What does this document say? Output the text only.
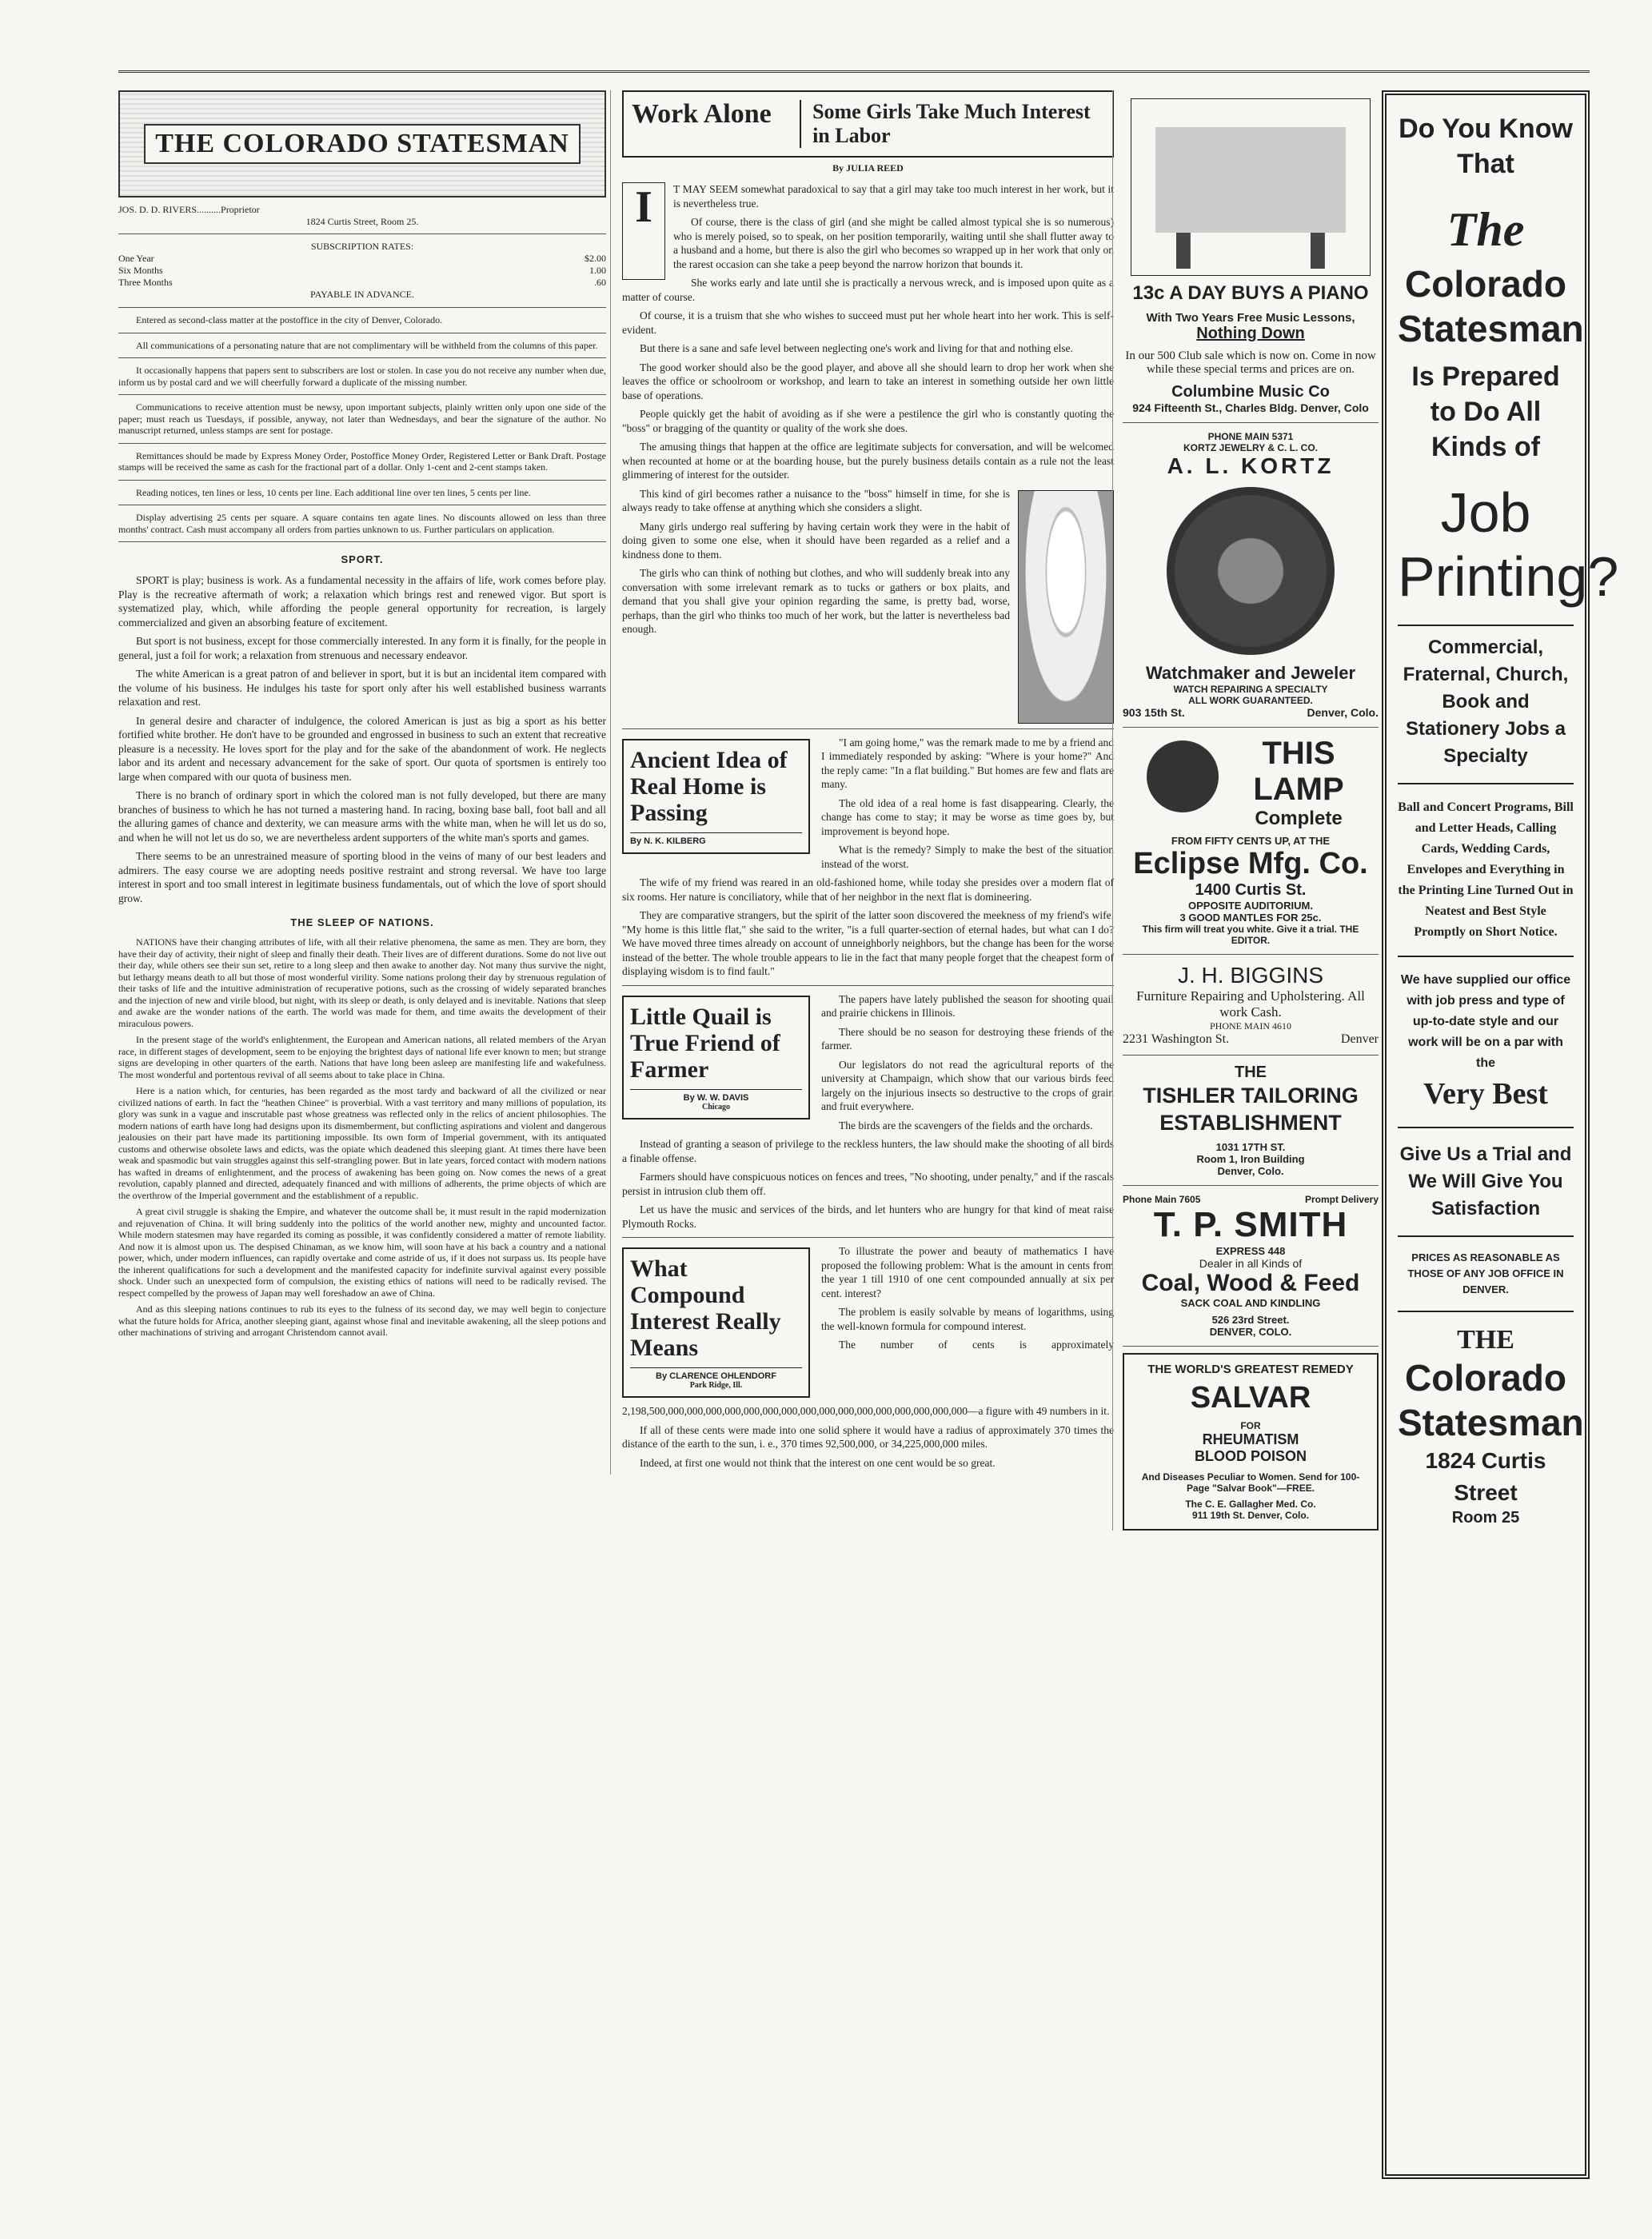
THE COLORADO STATESMAN
JOS. D. D. RIVERS..........Proprietor
1824 Curtis Street, Room 25.
SUBSCRIPTION RATES:
One Year	$2.00
Six Months	1.00
Three Months	.60
PAYABLE IN ADVANCE.

Entered as second-class matter at the postoffice in the city of Denver, Colorado.

All communications of a personating nature that are not complimentary will be withheld from the columns of this paper.

It occasionally happens that papers sent to subscribers are lost or stolen. In case you do not receive any number when due, inform us by postal card and we will cheerfully forward a duplicate of the missing number.

Communications to receive attention must be newsy, upon important subjects, plainly written only upon one side of the paper; must reach us Tuesdays, if possible, anyway, not later than Wednesdays, and bear the signature of the author. No manuscript returned, unless stamps are sent for postage.

Remittances should be made by Express Money Order, Postoffice Money Order, Registered Letter or Bank Draft. Postage stamps will be received the same as cash for the fractional part of a dollar. Only 1-cent and 2-cent stamps taken.

Reading notices, ten lines or less, 10 cents per line. Each additional line over ten lines, 5 cents per line.

Display advertising 25 cents per square. A square contains ten agate lines. No discounts allowed on less than three months' contract. Cash must accompany all orders from parties unknown to us. Further particulars on application.

SPORT.

SPORT is play; business is work. As a fundamental necessity in the affairs of life, work comes before play. Play is the recreative aftermath of work; a relaxation which brings rest and renewed vigor. But sport is systematized play, which, while affording the people general opportunity for recreation, is largely commercialized and given an absorbing feature of excitement.

But sport is not business, except for those commercially interested. In any form it is finally, for the people in general, just a foil for work; a relaxation from strenuous and necessary endeavor.

The white American is a great patron of and believer in sport, but it is but an incidental item compared with the volume of his business. He indulges his taste for sport only after his well established business warrants relaxation and rest.

In general desire and character of indulgence, the colored American is just as big a sport as his better fortified white brother. He don't have to be grounded and engrossed in business to such an extent that recreative pleasure is a necessity. He loves sport for the play and for the sake of the abandonment of work. He neglects labor and its ardent and necessary advancement for the sake of sport. Our quota of sportsmen is entirely too large when compared with our quota of business men.

There is no branch of ordinary sport in which the colored man is not fully developed, but there are many branches of business to which he has not turned a mastering hand. In racing, boxing base ball, foot ball and all the alluring games of chance and dexterity, we can measure arms with the white man, when he will let us do so, and when he will not let us do so, we are nevertheless ardent supporters of the white man's sports and games.

There seems to be an unrestrained measure of sporting blood in the veins of many of our best leaders and admirers. The easy course we are adopting needs positive restraint and strong reversal. We have too large interest in sport and too small interest in legitimate business fundamentals, out of which the love of sport should grow.

THE SLEEP OF NATIONS.

NATIONS have their changing attributes of life, with all their relative phenomena, the same as men. They are born, they have their day of activity, their night of sleep and finally their death. Their lives are of different durations. Some do not live out their day, while others see their sun set, retire to a long sleep and then awake to another day. Not many thus survive the night, but lethargy means death to all but those of most wonderful virility. Some nations prolong their day by strenuous regulation of their tasks of life and the intuitive administration of recuperative potions, such as the crossing of widely separated branches and the injection of new and virile blood, but night, with its sleep or death, is only delayed and is inevitable. Nations that sleep and awake are the wonder nations of the earth. The world was made for them, and time awaits the development of their miraculous powers.

In the present stage of the world's enlightenment, the European and American nations, all related members of the Aryan race, in different stages of development, seem to be enjoying the brightest days of national life ever known to men; but strange signs are developing in other quarters of the earth. Nations that have long been asleep are manifesting life and wakefulness. The most wonderful and portentous revival of all seems about to take place in China.

Here is a nation which, for centuries, has been regarded as the most tardy and backward of all the civilized or near civilized nations of earth. In fact the "heathen Chinee" is proverbial. With a vast territory and many millions of population, its glory was sunk in a vague and inscrutable past whose greatness was reflected only in the relics of ancient philosophies. The modern nations of earth have long had designs upon its dismemberment, but conflicting aspirations and violent and dangerous jealousies on their part have made its partitioning impossible. Its own form of Imperial government, with its antiquated customs and otherwise obsolete laws and edicts, was the opiate which deadened this sleeping giant. At times there have been weak and spasmodic but vain struggles against this self-strangling power. But in late years, forced contact with modern nations has wafted in dreams of enlightenment, and the process of awakening has been going on. Now comes the news of a great revolution, capably planned and directed, adequately financed and with millions of adherents, the prime objects of which are the overthrow of the Imperial government and the establishment of a republic.

A great civil struggle is shaking the Empire, and whatever the outcome shall be, it must result in the rapid modernization and rejuvenation of China. It will bring suddenly into the politics of the world another new, mighty and uncounted factor. While modern statesmen may have regarded its coming as possible, it was confidently considered a matter of remote liability. And now it is almost upon us. The despised Chinaman, as we know him, will soon have at his back a country and a national power, which, under modern influences, can rapidly overtake and come astride of us, if it does not surpass us. Its people have the inherent qualifications for such a development and the manifested capacity for indefinite survival against every possible shock. Under such an unexpected form of compulsion, the existing ethics of nations will need to be radically revised. The respect compelled by the prowess of Japan may well foreshadow an awe of China.

And as this sleeping nations continues to rub its eyes to the fulness of its second day, we may well begin to conjecture what the future holds for Africa, another sleeping giant, against whose final and inevitable awakening, all the sleep potions and other machinations of striving and arrogant Christendom cannot avail.

Work Alone	Some Girls Take Much Interest in Labor
By JULIA REED
I	T MAY SEEM somewhat paradoxical to say that a girl may take too much interest in her work, but it is nevertheless true.

Of course, there is the class of girl (and she might be called almost typical she is so numerous) who is merely poised, so to speak, on her position temporarily, waiting until she shall flutter away to a husband and a home, but there is also the girl who becomes so wrapped up in her work that only on the rarest occasion can she take a peep beyond the narrow horizon that bounds it.

She works early and late until she is practically a nervous wreck, and is imposed upon quite as a matter of course.

Of course, it is a truism that she who wishes to succeed must put her whole heart into her work. This is self-evident.

But there is a sane and safe level between neglecting one's work and living for that and nothing else.

The good worker should also be the good player, and above all she should learn to drop her work when she leaves the office or schoolroom or workshop, and learn to take an interest in something outside her own little base of operations.

People quickly get the habit of avoiding as if she were a pestilence the girl who is constantly quoting the "boss" or bragging of the quantity or quality of the work she does.

The amusing things that happen at the office are legitimate subjects for conversation, and will be welcomed when recounted at home or at the boarding house, but the purely business details contain as a rule not the least glimmering of interest for the outsider.

This kind of girl becomes rather a nuisance to the "boss" himself in time, for she is always ready to take offense at anything which she considers a slight.

Many girls undergo real suffering by having certain work they were in the habit of doing given to some one else, when it should have been regarded as a relief and a kindness done to them.

The girls who can think of nothing but clothes, and who will suddenly break into any conversation with some irrelevant remark as to tucks or gathers or box plaits, and demand that you shall give your opinion regarding the same, is pretty bad, worse, perhaps, than the girl who thinks too much of her work, but the latter is nevertheless bad enough.

Ancient Idea of Real Home is Passing
By N. K. KILBERG

"I am going home," was the remark made to me by a friend and I immediately responded by asking: "Where is your home?" And the reply came: "In a flat building." But homes are few and flats are many.

The old idea of a real home is fast disappearing. Clearly, the change has come to stay; it may be worse as time goes by, but improvement is beyond hope.

What is the remedy? Simply to make the best of the situation instead of the worst.

The wife of my friend was reared in an old-fashioned home, while today she presides over a modern flat of six rooms. Her nature is conciliatory, while that of her neighbor in the next flat is domineering.

They are comparative strangers, but the spirit of the latter soon discovered the meekness of my friend's wife. "My home is this little flat," she said to the writer, "is a full quarter-section of eternal hades, but what can I do? We have moved three times already on account of unneighborly neighbors, but the change has been for the worse instead of the better. The whole trouble appears to lie in the fact that many people forget that the cheapest form of displaying wisdom is to find fault."

Little Quail is True Friend of Farmer
By W. W. DAVIS
Chicago

The papers have lately published the season for shooting quail and prairie chickens in Illinois.

There should be no season for destroying these friends of the farmer.

Our legislators do not read the agricultural reports of the university at Champaign, which show that our various birds feed largely on the injurious insects so destructive to the crops of grain and fruit everywhere.

The birds are the scavengers of the fields and the orchards.

Instead of granting a season of privilege to the reckless hunters, the law should make the shooting of all birds a finable offense.

Farmers should have conspicuous notices on fences and trees, "No shooting, under penalty," and if the rascals persist in intrusion club them off.

Let us have the music and services of the birds, and let hunters who are hungry for that kind of meat raise Plymouth Rocks.

What Compound Interest Really Means
By CLARENCE OHLENDORF
Park Ridge, Ill.

To illustrate the power and beauty of mathematics I have proposed the following problem: What is the amount in cents from the year 1 till 1910 of one cent compounded annually at six per cent. interest?

The problem is easily solvable by means of logarithms, using the well-known formula for compound interest.

The number of cents is approximately 2,198,500,000,000,000,000,000,000,000,000,000,000,000,000,000,000,000,000—a figure with 49 numbers in it.

If all of these cents were made into one solid sphere it would have a radius of approximately 370 times the distance of the earth to the sun, i. e., 370 times 92,500,000, or 34,225,000,000 miles.

Indeed, at first one would not think that the interest on one cent would be so great.

13c A DAY BUYS A PIANO
With Two Years Free Music Lessons,
Nothing Down
In our 500 Club sale which is now on. Come in now while these special terms and prices are on.
Columbine Music Co
924 Fifteenth St., Charles Bldg. Denver, Colo
PHONE MAIN 5371
KORTZ JEWELRY & C. L. CO.
A. L. KORTZ
Watchmaker and Jeweler
WATCH REPAIRING A SPECIALTY
ALL WORK GUARANTEED.
903 15th St.	Denver, Colo.
THIS
LAMP
Complete
FROM FIFTY CENTS UP, AT THE
Eclipse Mfg. Co.
1400 Curtis St.
OPPOSITE AUDITORIUM.
3 GOOD MANTLES FOR 25c.
This firm will treat you white. Give it a trial. THE EDITOR.
J. H. BIGGINS
Furniture Repairing and Upholstering. All work Cash.
PHONE MAIN 4610
2231 Washington St.	Denver
THE
TISHLER TAILORING ESTABLISHMENT
1031 17TH ST.
Room 1, Iron Building
Denver, Colo.
Phone Main 7605	Prompt Delivery
T. P. SMITH
EXPRESS 448
Dealer in all Kinds of
Coal, Wood & Feed
SACK COAL AND KINDLING
526 23rd Street.
DENVER, COLO.
THE WORLD'S GREATEST REMEDY
SALVAR
FOR
RHEUMATISM
BLOOD POISON
And Diseases Peculiar to Women. Send for 100-Page "Salvar Book"—FREE.
The C. E. Gallagher Med. Co.
911 19th St. Denver, Colo.
Do You Know That
The
Colorado Statesman
Is Prepared to Do All Kinds of
Job Printing?
Commercial, Fraternal, Church, Book and Stationery Jobs a Specialty
Ball and Concert Programs, Bill and Letter Heads, Calling Cards, Wedding Cards, Envelopes and Everything in the Printing Line Turned Out in Neatest and Best Style Promptly on Short Notice.
We have supplied our office with job press and type of up-to-date style and our work will be on a par with the
Very Best
Give Us a Trial and We Will Give You Satisfaction
PRICES AS REASONABLE AS THOSE OF ANY JOB OFFICE IN DENVER.
THE
Colorado Statesman
1824 Curtis Street
Room 25
